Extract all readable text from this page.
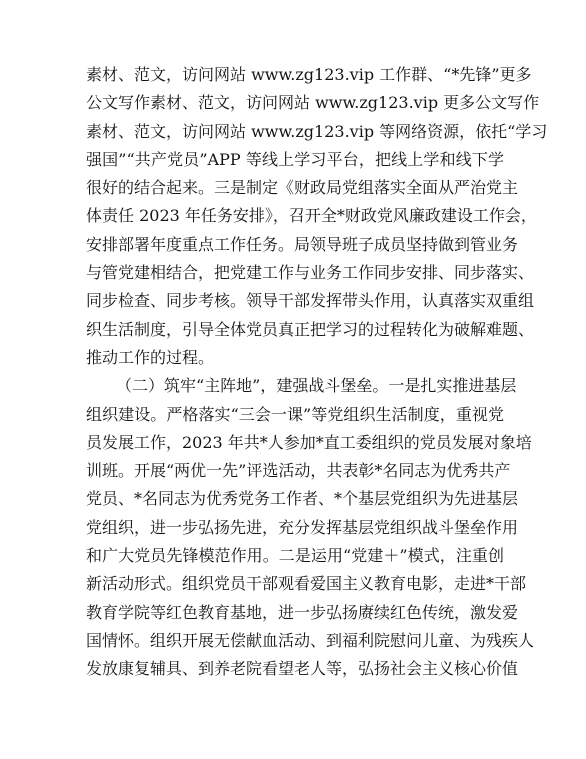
素材、范文，访问网站 www.zg123.vip 工作群、“*先锋”更多
公文写作素材、范文，访问网站 www.zg123.vip 更多公文写作
素材、范文，访问网站 www.zg123.vip 等网络资源，依托“学习
强国”“共产党员”APP 等线上学习平台，把线上学和线下学
很好的结合起来。三是制定《财政局党组落实全面从严治党主
体责任 2023 年任务安排》，召开全*财政党风廉政建设工作会，
安排部署年度重点工作任务。局领导班子成员坚持做到管业务
与管党建相结合，把党建工作与业务工作同步安排、同步落实、
同步检查、同步考核。领导干部发挥带头作用，认真落实双重组
织生活制度，引导全体党员真正把学习的过程转化为破解难题、
推动工作的过程。
（二）筑牢“主阵地”，建强战斗堡垒。一是扎实推进基层
组织建设。严格落实“三会一课”等党组织生活制度，重视党
员发展工作，2023 年共*人参加*直工委组织的党员发展对象培
训班。开展“两优一先”评选活动，共表彰*名同志为优秀共产
党员、*名同志为优秀党务工作者、*个基层党组织为先进基层
党组织，进一步弘扬先进，充分发挥基层党组织战斗堡垒作用
和广大党员先锋模范作用。二是运用“党建＋”模式，注重创
新活动形式。组织党员干部观看爱国主义教育电影，走进*干部
教育学院等红色教育基地，进一步弘扬赓续红色传统，激发爱
国情怀。组织开展无偿献血活动、到福利院慰问儿童、为残疾人
发放康复辅具、到养老院看望老人等，弘扬社会主义核心价值
